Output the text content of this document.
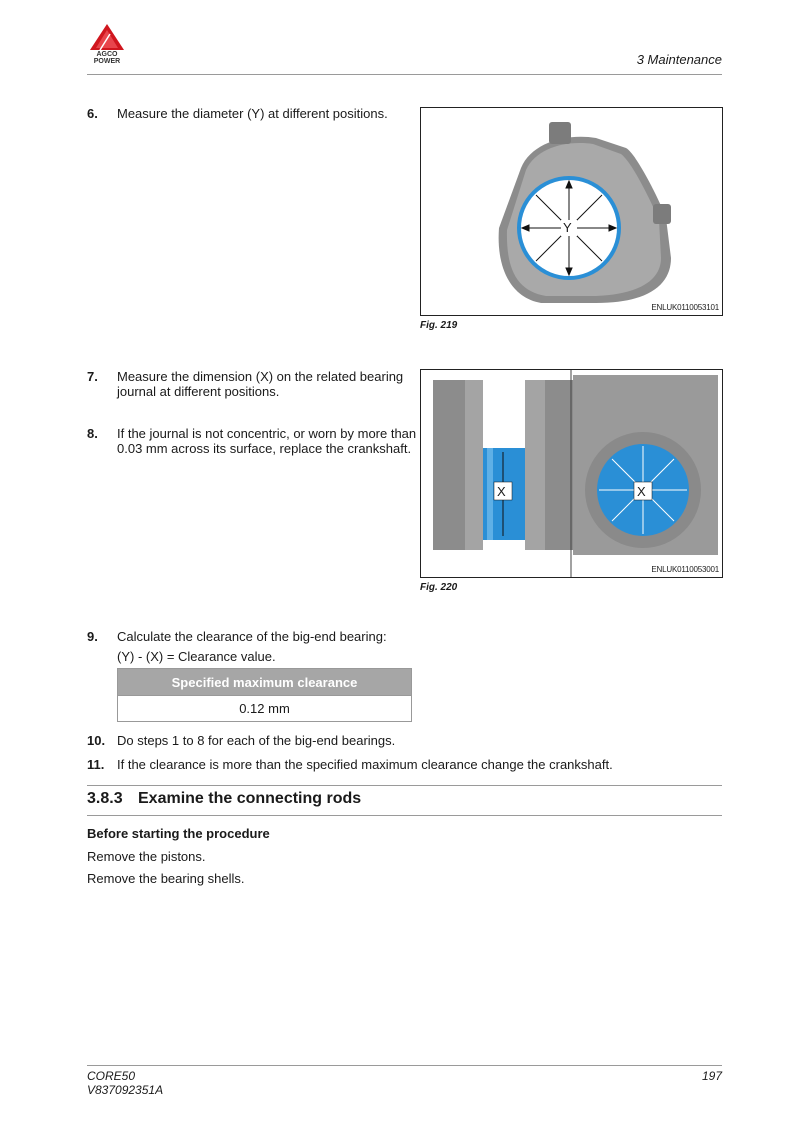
AGCO
POWER	3 Maintenance
6. Measure the diameter (Y) at different positions.
Y
ENLUK0110053101
Fig. 219
7. Measure the dimension (X) on the related bearing journal at different positions.
8. If the journal is not concentric, or worn by more than 0.03 mm across its surface, replace the crankshaft.
X	X
ENLUK0110053001
Fig. 220
9. Calculate the clearance of the big-end bearing:
(Y) - (X) = Clearance value.
Specified maximum clearance
0.12 mm
10. Do steps 1 to 8 for each of the big-end bearings.
11. If the clearance is more than the specified maximum clearance change the crankshaft.
3.8.3 Examine the connecting rods
Before starting the procedure
Remove the pistons.
Remove the bearing shells.
CORE50
V837092351A
197
